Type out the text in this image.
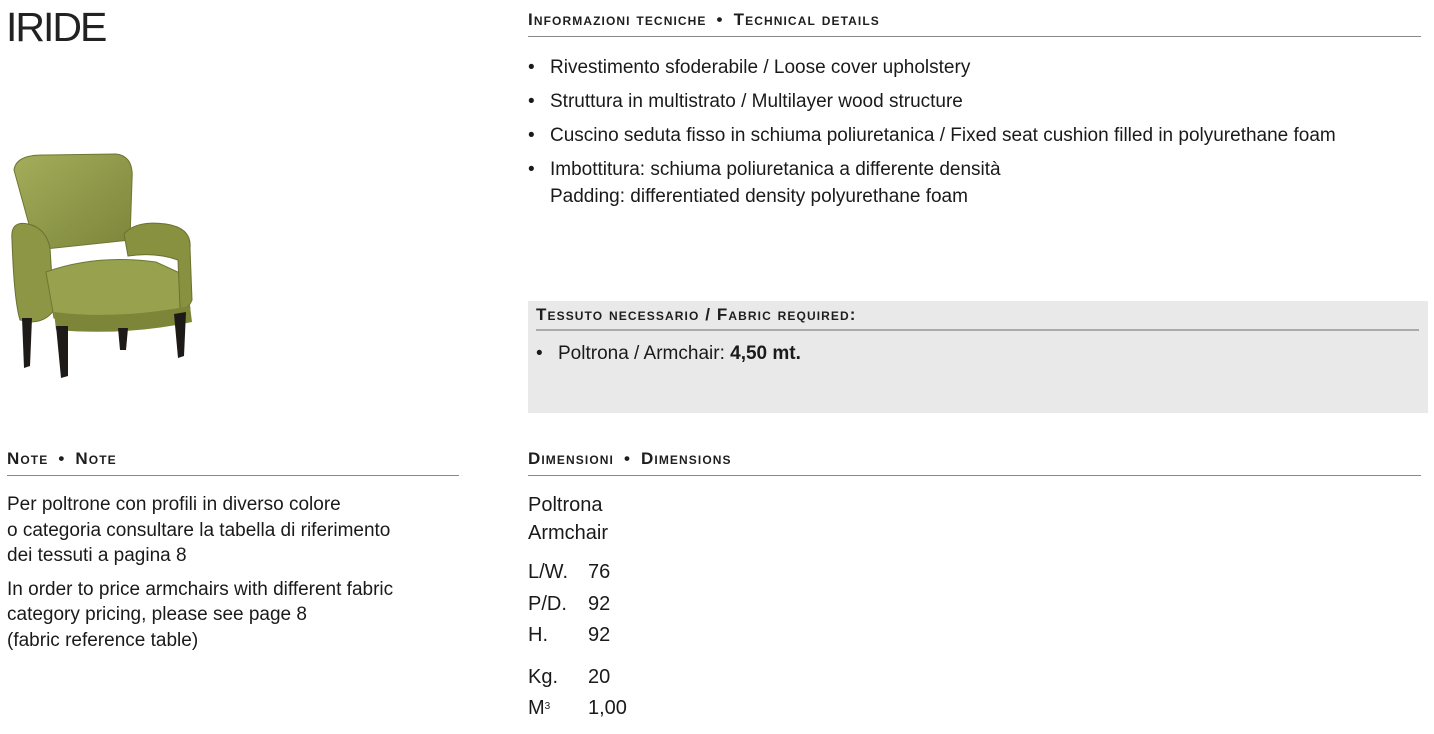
IRIDE	Informazioni tecniche • Technical details
• Rivestimento sfoderabile / Loose cover upholstery
• Struttura in multistrato / Multilayer wood structure
• Cuscino seduta fisso in schiuma poliuretanica / Fixed seat cushion filled in polyurethane foam
• Imbottitura: schiuma poliuretanica a differente densità
Padding: differentiated density polyurethane foam
Tessuto necessario / Fabric required:
• Poltrona / Armchair: 4,50 mt.
Note • Note

Per poltrone con profili in diverso colore
o categoria consultare la tabella di riferimento
dei tessuti a pagina 8

In order to price armchairs with different fabric
category pricing, please see page 8
(fabric reference table)

Dimensioni • Dimensions
Poltrona
Armchair
L/W. 76
P/D.	92
H.	92
Kg.	20
$M^3$	1,00
